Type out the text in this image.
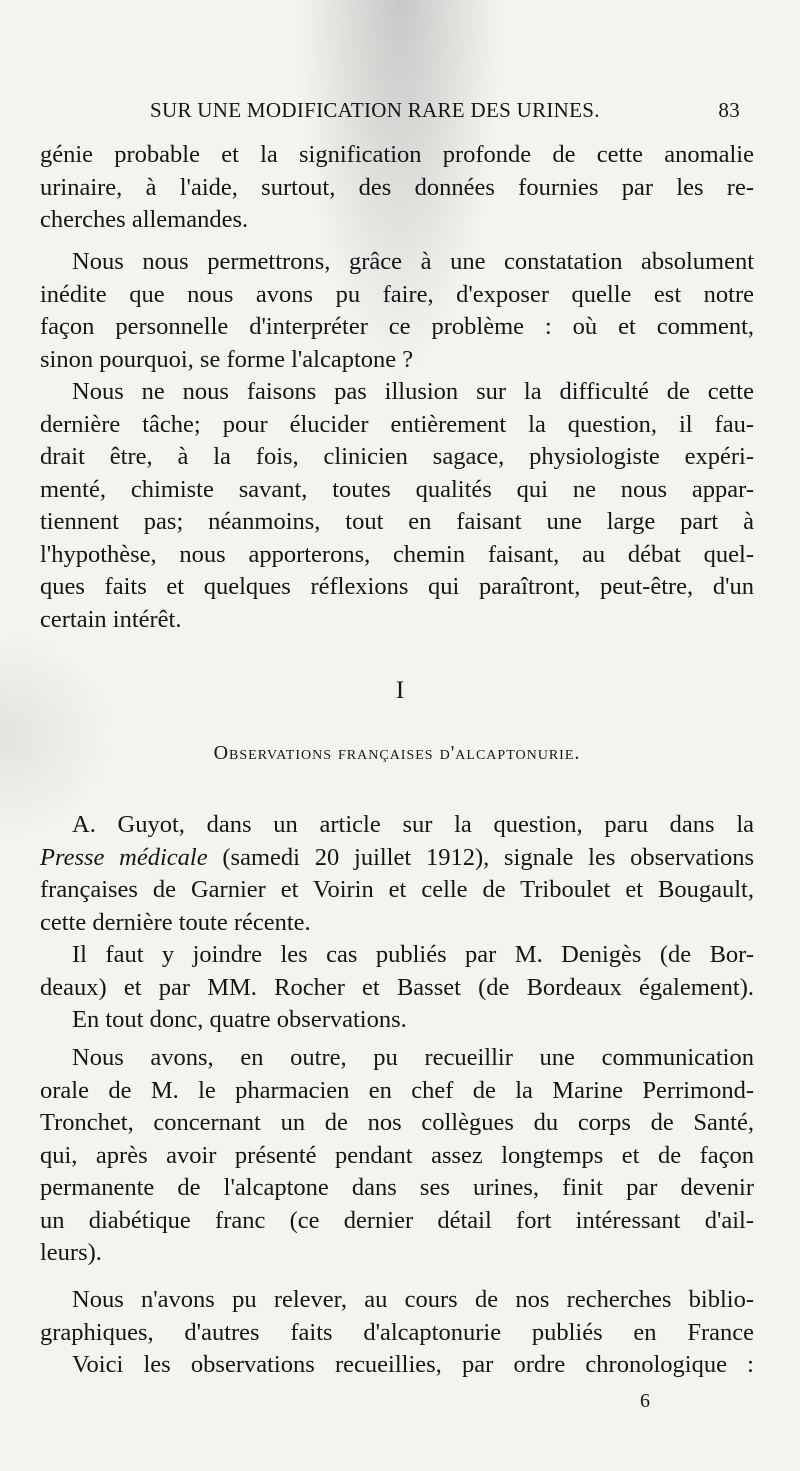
SUR UNE MODIFICATION RARE DES URINES.	83
génie probable et la signification profonde de cette anomalie
urinaire, à l'aide, surtout, des données fournies par les re-
cherches allemandes.
Nous nous permettrons, grâce à une constatation absolument
inédite que nous avons pu faire, d'exposer quelle est notre
façon personnelle d'interpréter ce problème : où et comment,
sinon pourquoi, se forme l'alcaptone ?
Nous ne nous faisons pas illusion sur la difficulté de cette
dernière tâche; pour élucider entièrement la question, il fau-
drait être, à la fois, clinicien sagace, physiologiste expéri-
menté, chimiste savant, toutes qualités qui ne nous appar-
tiennent pas; néanmoins, tout en faisant une large part à
l'hypothèse, nous apporterons, chemin faisant, au débat quel-
ques faits et quelques réflexions qui paraîtront, peut-être, d'un
certain intérêt.
I
Observations françaises d'alcaptonurie.
A. Guyot, dans un article sur la question, paru dans la
Presse médicale (samedi 20 juillet 1912), signale les observations
françaises de Garnier et Voirin et celle de Triboulet et Bougault,
cette dernière toute récente.
Il faut y joindre les cas publiés par M. Denigès (de Bor-
deaux) et par MM. Rocher et Basset (de Bordeaux également).
En tout donc, quatre observations.
Nous avons, en outre, pu recueillir une communication
orale de M. le pharmacien en chef de la Marine Perrimond-
Tronchet, concernant un de nos collègues du corps de Santé,
qui, après avoir présenté pendant assez longtemps et de façon
permanente de l'alcaptone dans ses urines, finit par devenir
un diabétique franc (ce dernier détail fort intéressant d'ail-
leurs).
Nous n'avons pu relever, au cours de nos recherches biblio-
graphiques, d'autres faits d'alcaptonurie publiés en France
Voici les observations recueillies, par ordre chronologique :
6
